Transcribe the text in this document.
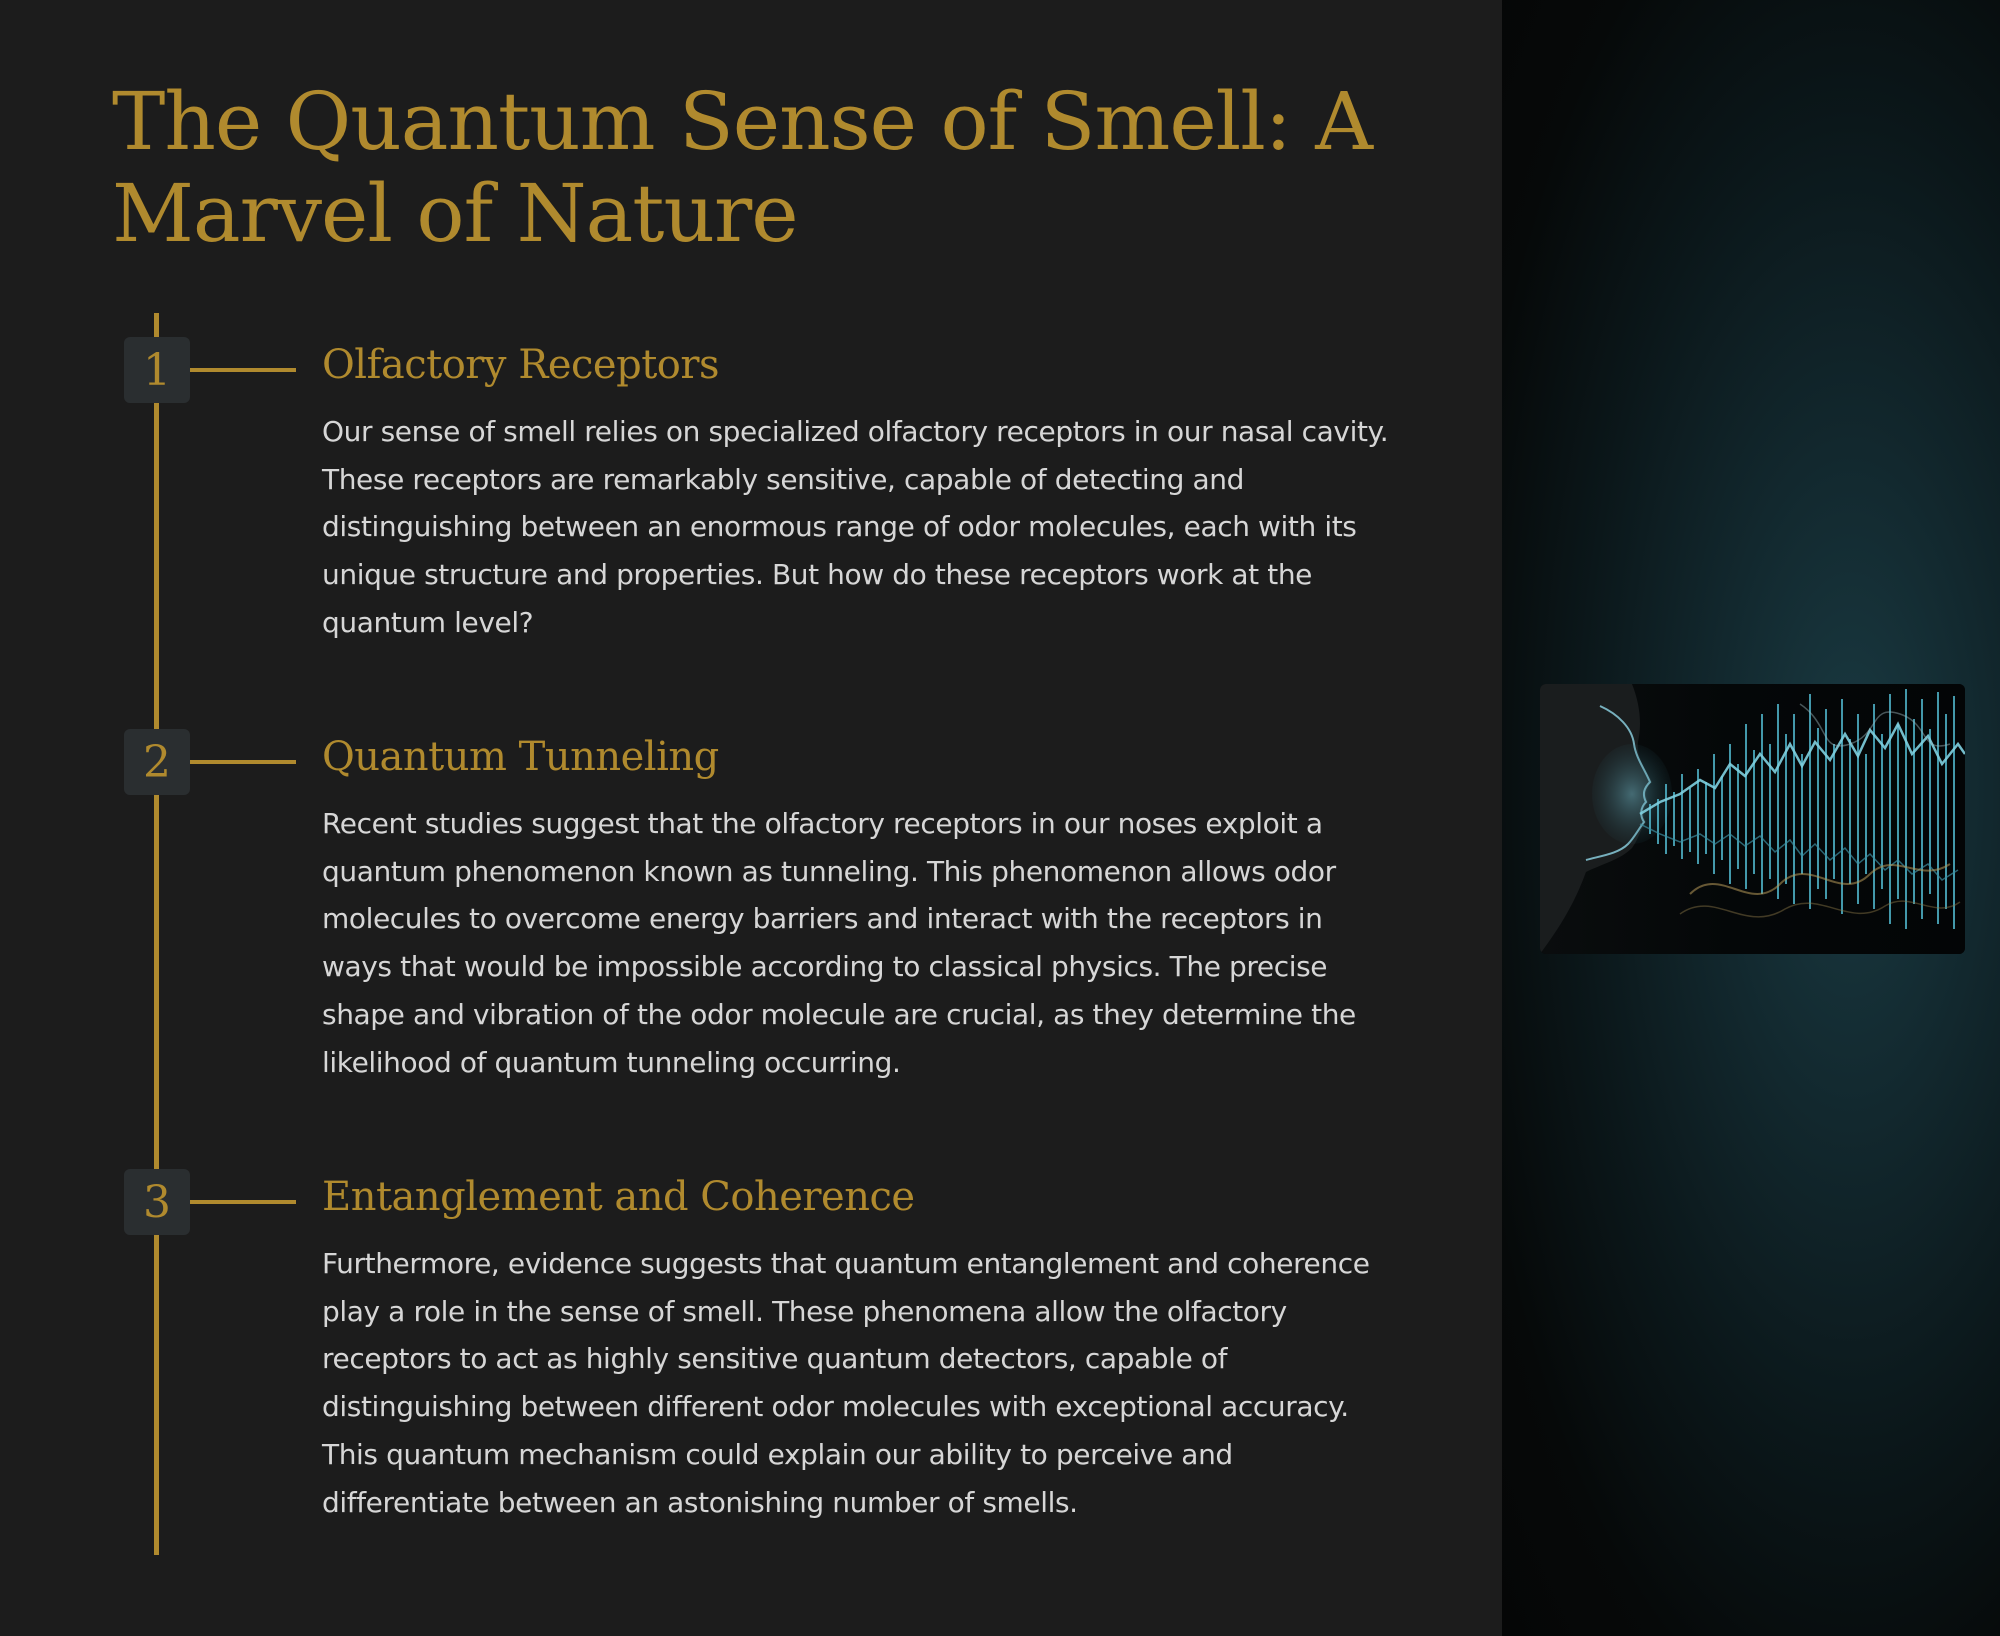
The Quantum Sense of Smell: A Marvel of Nature
1	Olfactory Receptors

Our sense of smell relies on specialized olfactory receptors in our nasal cavity. These receptors are remarkably sensitive, capable of detecting and distinguishing between an enormous range of odor molecules, each with its unique structure and properties. But how do these receptors work at the quantum level?

2	Quantum Tunneling

Recent studies suggest that the olfactory receptors in our noses exploit a quantum phenomenon known as tunneling. This phenomenon allows odor molecules to overcome energy barriers and interact with the receptors in ways that would be impossible according to classical physics. The precise shape and vibration of the odor molecule are crucial, as they determine the likelihood of quantum tunneling occurring.

3	Entanglement and Coherence

Furthermore, evidence suggests that quantum entanglement and coherence play a role in the sense of smell. These phenomena allow the olfactory receptors to act as highly sensitive quantum detectors, capable of distinguishing between different odor molecules with exceptional accuracy. This quantum mechanism could explain our ability to perceive and differentiate between an astonishing number of smells.
